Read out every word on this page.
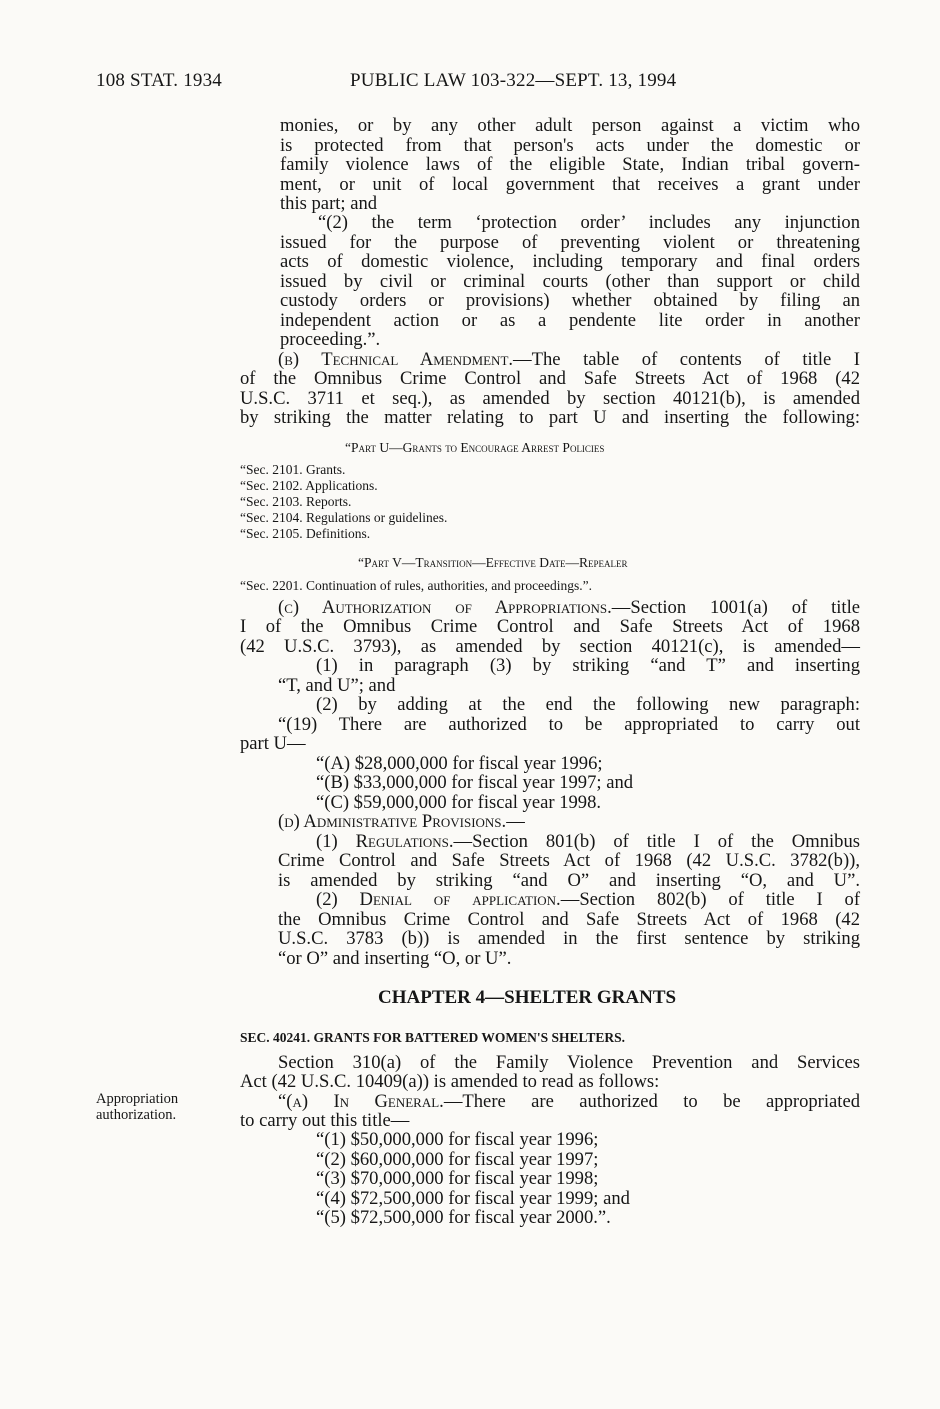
108 STAT. 1934	PUBLIC LAW 103-322—SEPT. 13, 1994
monies, or by any other adult person against a victim who
is protected from that person's acts under the domestic or
family violence laws of the eligible State, Indian tribal govern-
ment, or unit of local government that receives a grant under
this part; and
“(2) the term ‘protection order’ includes any injunction
issued for the purpose of preventing violent or threatening
acts of domestic violence, including temporary and final orders
issued by civil or criminal courts (other than support or child
custody orders or provisions) whether obtained by filing an
independent action or as a pendente lite order in another
proceeding.”.
(b) Technical Amendment.—The table of contents of title I
of the Omnibus Crime Control and Safe Streets Act of 1968 (42
U.S.C. 3711 et seq.), as amended by section 40121(b), is amended
by striking the matter relating to part U and inserting the following:
“Part U—Grants to Encourage Arrest Policies
“Sec. 2101. Grants.
“Sec. 2102. Applications.
“Sec. 2103. Reports.
“Sec. 2104. Regulations or guidelines.
“Sec. 2105. Definitions.
“Part V—Transition—Effective Date—Repealer
“Sec. 2201. Continuation of rules, authorities, and proceedings.”.
(c) Authorization of Appropriations.—Section 1001(a) of title
I of the Omnibus Crime Control and Safe Streets Act of 1968
(42 U.S.C. 3793), as amended by section 40121(c), is amended—
(1) in paragraph (3) by striking “and T” and inserting
“T, and U”; and
(2) by adding at the end the following new paragraph:
“(19) There are authorized to be appropriated to carry out
part U—
“(A) $28,000,000 for fiscal year 1996;
“(B) $33,000,000 for fiscal year 1997; and
“(C) $59,000,000 for fiscal year 1998.
(d) Administrative Provisions.—
(1) Regulations.—Section 801(b) of title I of the Omnibus
Crime Control and Safe Streets Act of 1968 (42 U.S.C. 3782(b)),
is amended by striking “and O” and inserting “O, and U”.
(2) Denial of application.—Section 802(b) of title I of
the Omnibus Crime Control and Safe Streets Act of 1968 (42
U.S.C. 3783 (b)) is amended in the first sentence by striking
“or O” and inserting “O, or U”.
CHAPTER 4—SHELTER GRANTS
SEC. 40241. GRANTS FOR BATTERED WOMEN'S SHELTERS.
Section 310(a) of the Family Violence Prevention and Services
Act (42 U.S.C. 10409(a)) is amended to read as follows:
“(a) In General.—There are authorized to be appropriated
to carry out this title—
“(1) $50,000,000 for fiscal year 1996;
“(2) $60,000,000 for fiscal year 1997;
“(3) $70,000,000 for fiscal year 1998;
“(4) $72,500,000 for fiscal year 1999; and
“(5) $72,500,000 for fiscal year 2000.”.
Appropriation
authorization.
